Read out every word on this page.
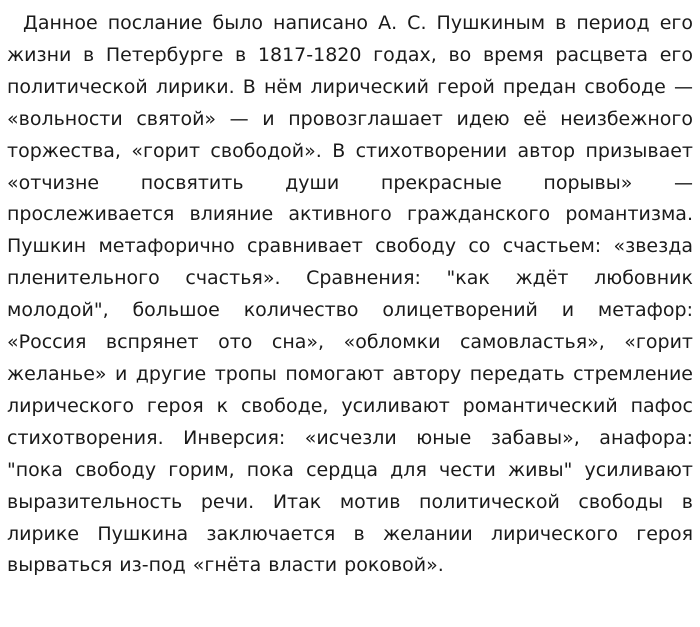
Данное послание было написано А. С. Пушкиным в период его жизни в Петербурге в 1817-1820 годах, во время расцвета его политической лирики. В нём лирический герой предан свободе — «вольности святой» — и провозглашает идею её неизбежного торжества, «горит свободой». В стихотворении автор призывает «отчизне посвятить души прекрасные порывы» — прослеживается влияние активного гражданского романтизма. Пушкин метафорично сравнивает свободу со счастьем: «звезда пленительного счастья». Сравнения: "как ждёт любовник молодой", большое количество олицетворений и метафор: «Россия вспрянет ото сна», «обломки самовластья», «горит желанье» и другие тропы помогают автору передать стремление лирического героя к свободе, усиливают романтический пафос стихотворения. Инверсия: «исчезли юные забавы», анафора: "пока свободу горим, пока сердца для чести живы" усиливают выразительность речи. Итак мотив политической свободы в лирике Пушкина заключается в желании лирического героя вырваться из-под «гнёта власти роковой».
